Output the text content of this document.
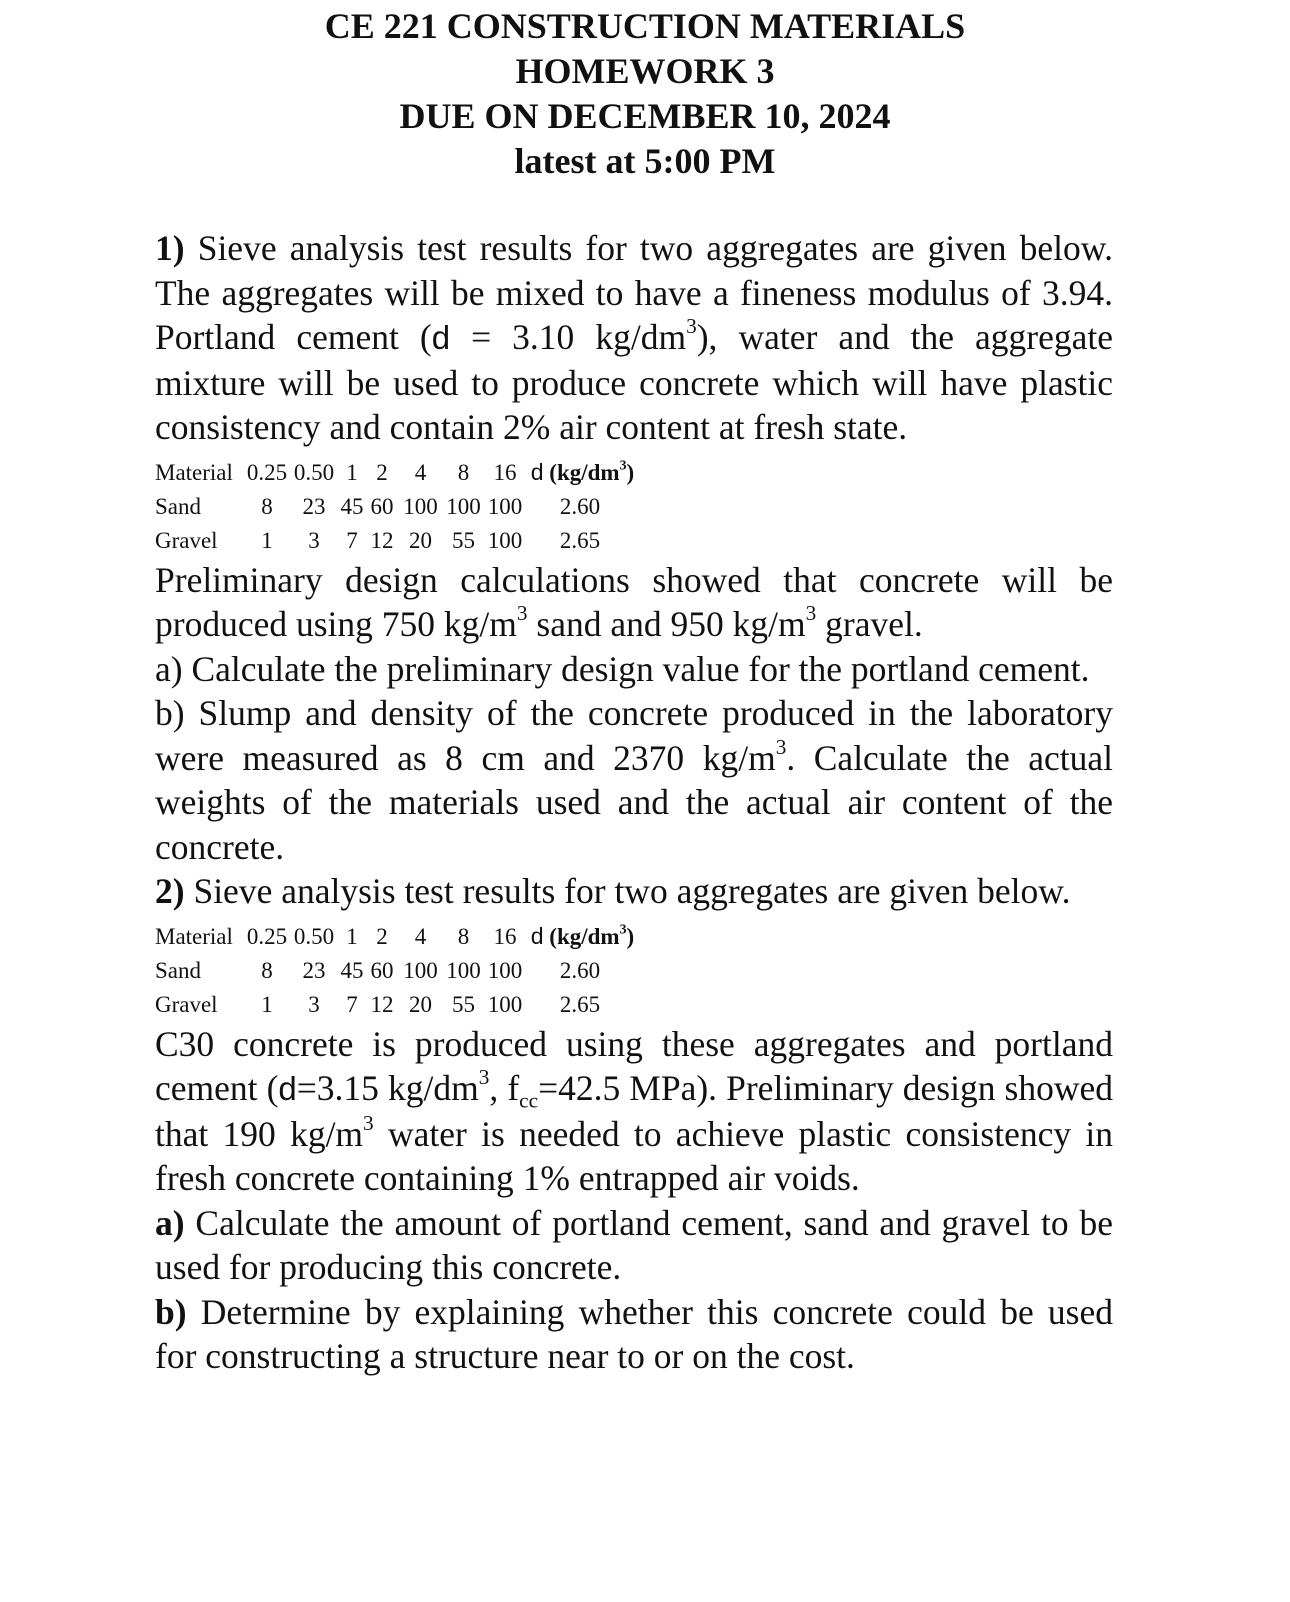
CE 221 CONSTRUCTION MATERIALS
HOMEWORK 3
DUE ON DECEMBER 10, 2024
latest at 5:00 PM

1) Sieve analysis test results for two aggregates are given below. The aggregates will be mixed to have a fineness modulus of 3.94. Portland cement (d = 3.10 $kg/dm^3$), water and the aggregate mixture will be used to produce concrete which will have plastic consistency and contain 2% air content at fresh state.

Material	0.25	0.50	1	2	4	8	16	d $(kg/dm^3)$
Sand	8	23	45	60	100	100	100	2.60
Gravel	1	3	7	12	20	55	100	2.65

Preliminary design calculations showed that concrete will be produced using 750 $kg/m^3$ sand and 950 $kg/m^3$ gravel.

a) Calculate the preliminary design value for the portland cement.

b) Slump and density of the concrete produced in the laboratory were measured as 8 cm and 2370 $kg/m^3$. Calculate the actual weights of the materials used and the actual air content of the concrete.

2) Sieve analysis test results for two aggregates are given below.

Material	0.25	0.50	1	2	4	8	16	d $(kg/dm^3)$
Sand	8	23	45	60	100	100	100	2.60
Gravel	1	3	7	12	20	55	100	2.65

C30 concrete is produced using these aggregates and portland cement (d=3.15 $kg/dm^3$, $f_{cc}=42.5$ MPa). Preliminary design showed that 190 $kg/m^3$ water is needed to achieve plastic consistency in fresh concrete containing 1% entrapped air voids.

a) Calculate the amount of portland cement, sand and gravel to be used for producing this concrete.

b) Determine by explaining whether this concrete could be used for constructing a structure near to or on the cost.
